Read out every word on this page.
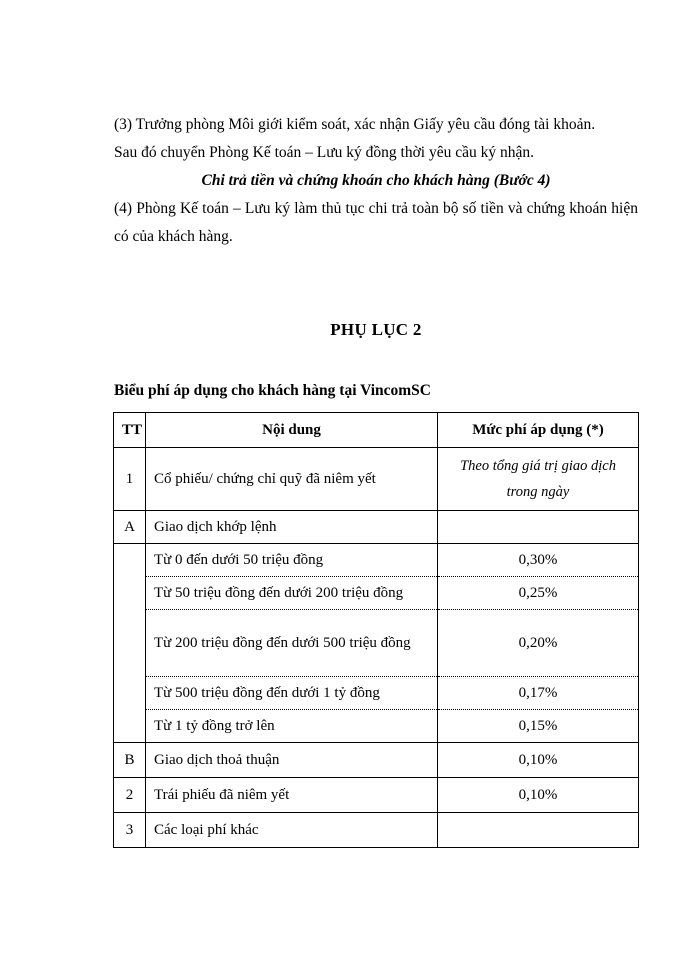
(3) Trưởng phòng Môi giới kiểm soát, xác nhận Giấy yêu cầu đóng tài khoản.
Sau đó chuyển Phòng Kế toán – Lưu ký đồng thời yêu cầu ký nhận.

Chi trả tiền và chứng khoán cho khách hàng (Bước 4)

(4) Phòng Kế toán – Lưu ký làm thủ tục chi trả toàn bộ số tiền và chứng khoán hiện có của khách hàng.

PHỤ LỤC 2
Biểu phí áp dụng cho khách hàng tại VincomSC
TT	Nội dung	Mức phí áp dụng (*)
1	Cổ phiếu/ chứng chỉ quỹ đã niêm yết	Theo tổng giá trị giao dịch trong ngày
A	Giao dịch khớp lệnh	
	Từ 0 đến dưới 50 triệu đồng	0,30%
	Từ 50 triệu đồng đến dưới 200 triệu đồng	0,25%
	Từ 200 triệu đồng đến dưới 500 triệu đồng	0,20%
	Từ 500 triệu đồng đến dưới 1 tỷ đồng	0,17%
	Từ 1 tỷ đồng trở lên	0,15%
B	Giao dịch thoả thuận	0,10%
2	Trái phiếu đã niêm yết	0,10%
3	Các loại phí khác	
